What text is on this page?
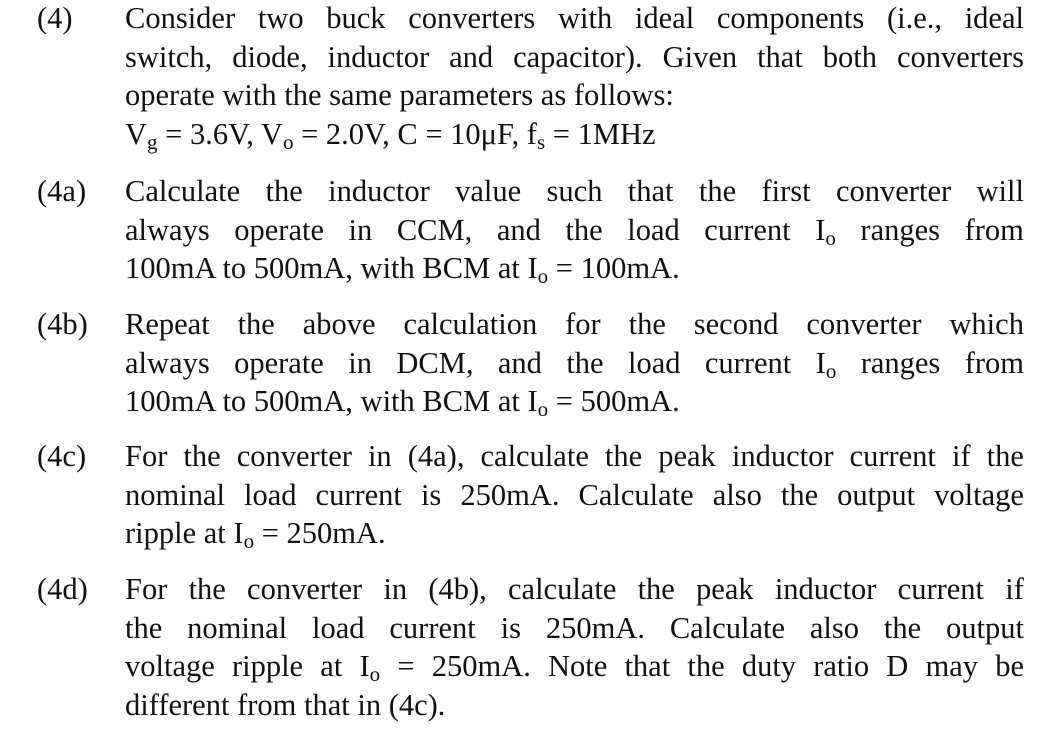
(4) Consider two buck converters with ideal components (i.e., ideal
switch, diode, inductor and capacitor). Given that both converters
operate with the same parameters as follows:
$V_g = 3.6V$, $V_o = 2.0V$, C = 10μF, $f_s = 1MHz$
(4a) Calculate the inductor value such that the first converter will
always operate in CCM, and the load current $I_o$ ranges from
100mA to 500mA, with BCM at $I_o = 100mA$.
(4b) Repeat the above calculation for the second converter which
always operate in DCM, and the load current $I_o$ ranges from
100mA to 500mA, with BCM at $I_o = 500mA$.
(4c) For the converter in (4a), calculate the peak inductor current if the
nominal load current is 250mA. Calculate also the output voltage
ripple at $I_o = 250mA$.
(4d) For the converter in (4b), calculate the peak inductor current if
the nominal load current is 250mA. Calculate also the output
voltage ripple at $I_o = 250mA$. Note that the duty ratio D may be
different from that in (4c).
